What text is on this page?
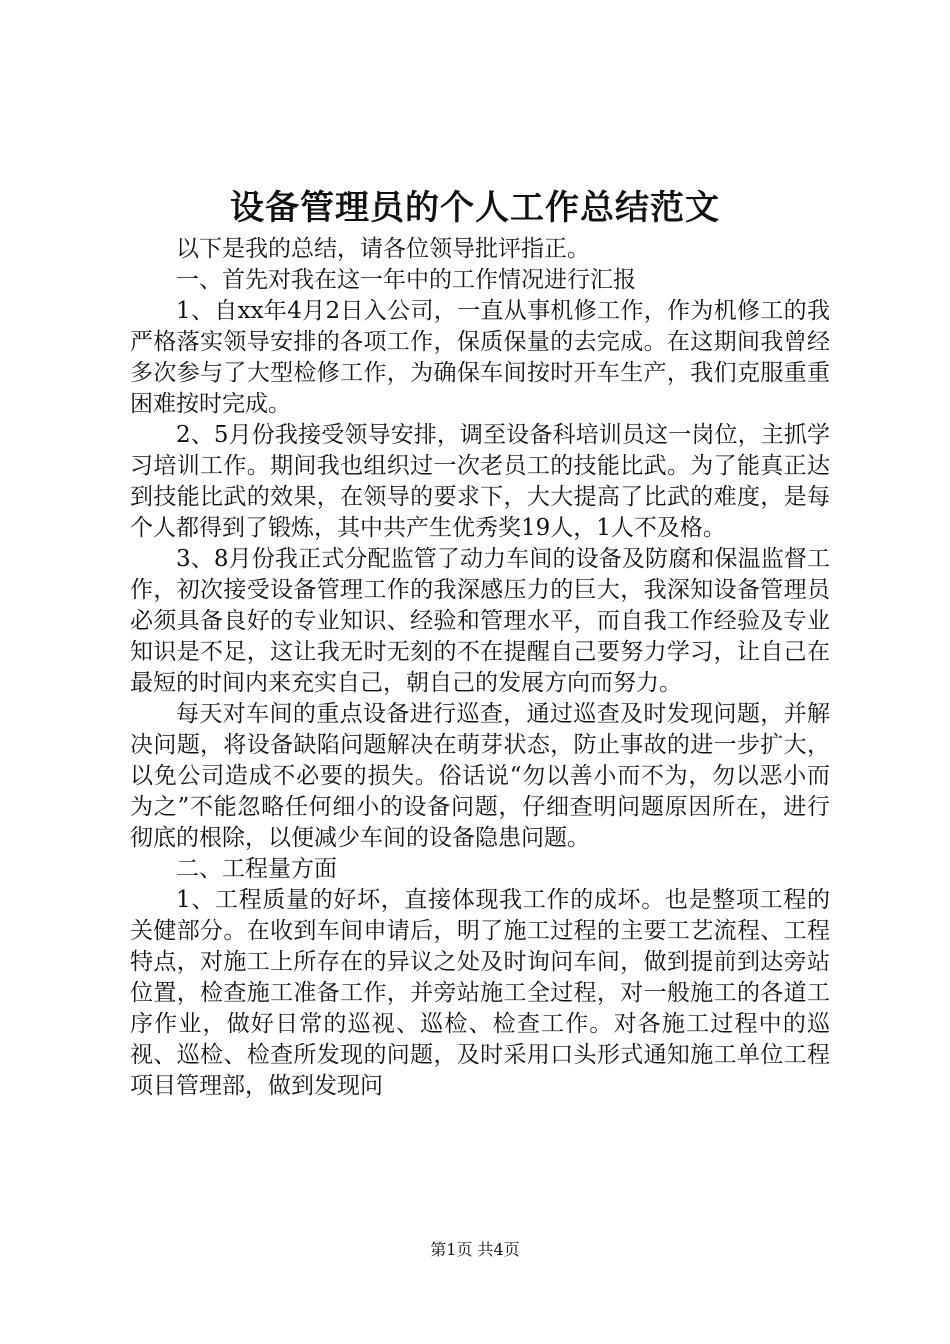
设备管理员的个人工作总结范文

以下是我的总结，请各位领导批评指正。

一、首先对我在这一年中的工作情况进行汇报

1、自xx年4月2日入公司，一直从事机修工作，作为机修工的我严格落实领导安排的各项工作，保质保量的去完成。在这期间我曾经多次参与了大型检修工作，为确保车间按时开车生产，我们克服重重困难按时完成。

2、5月份我接受领导安排，调至设备科培训员这一岗位，主抓学习培训工作。期间我也组织过一次老员工的技能比武。为了能真正达到技能比武的效果，在领导的要求下，大大提高了比武的难度，是每个人都得到了锻炼，其中共产生优秀奖19人，1人不及格。

3、8月份我正式分配监管了动力车间的设备及防腐和保温监督工作，初次接受设备管理工作的我深感压力的巨大，我深知设备管理员必须具备良好的专业知识、经验和管理水平，而自我工作经验及专业知识是不足，这让我无时无刻的不在提醒自己要努力学习，让自己在最短的时间内来充实自己，朝自己的发展方向而努力。

每天对车间的重点设备进行巡查，通过巡查及时发现问题，并解决问题，将设备缺陷问题解决在萌芽状态，防止事故的进一步扩大，以免公司造成不必要的损失。俗话说“勿以善小而不为，勿以恶小而为之”不能忽略任何细小的设备问题，仔细查明问题原因所在，进行彻底的根除，以便减少车间的设备隐患问题。

二、工程量方面

1、工程质量的好坏，直接体现我工作的成坏。也是整项工程的关健部分。在收到车间申请后，明了施工过程的主要工艺流程、工程特点，对施工上所存在的异议之处及时询问车间，做到提前到达旁站位置，检查施工准备工作，并旁站施工全过程，对一般施工的各道工序作业，做好日常的巡视、巡检、检查工作。对各施工过程中的巡视、巡检、检查所发现的问题，及时采用口头形式通知施工单位工程项目管理部，做到发现问

第1页 共4页
